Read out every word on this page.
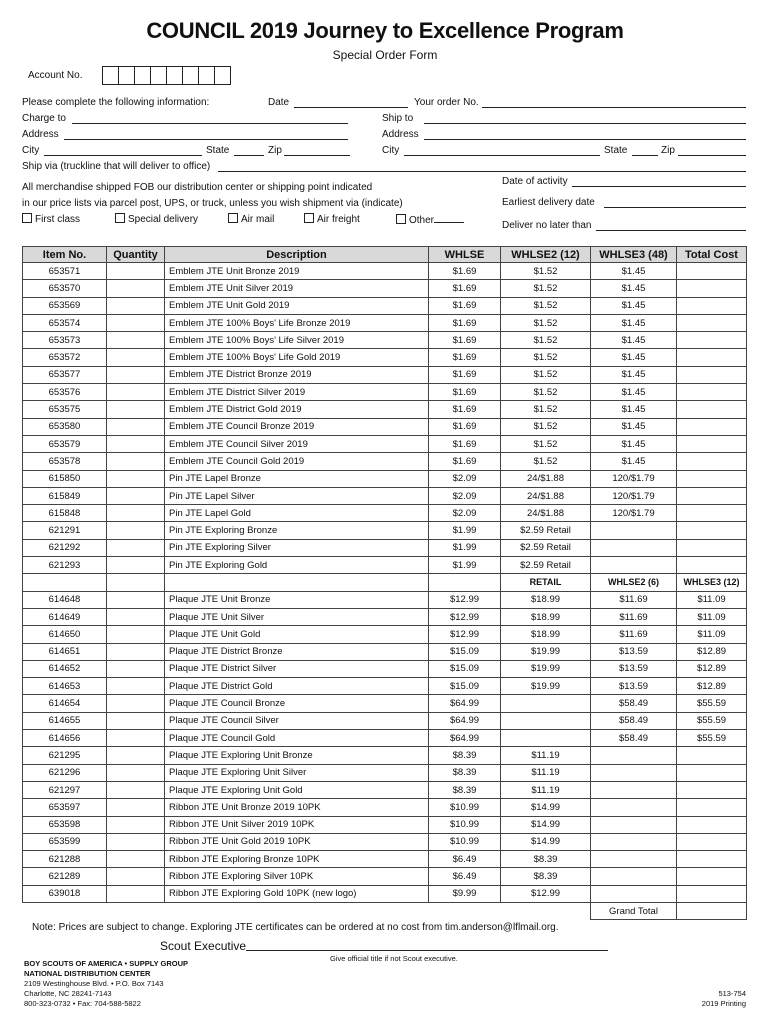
COUNCIL 2019 Journey to Excellence Program
Special Order Form
Account No.
Please complete the following information:	Date	Your order No.
Charge to	Ship to
Address	Address
City	State	Zip	City	State	Zip
Ship via (truckline that will deliver to office)
Date of activity
All merchandise shipped FOB our distribution center or shipping point indicated
in our price lists via parcel post, UPS, or truck, unless you wish shipment via (indicate)	Earliest delivery date
First class	Special delivery	Air mail	Air freight	Other	Deliver no later than
Item No.	Quantity	Description	WHLSE	WHLSE2 (12)	WHLSE3 (48)	Total Cost
653571		Emblem JTE Unit Bronze 2019	$1.69	$1.52	$1.45	
653570		Emblem JTE Unit Silver 2019	$1.69	$1.52	$1.45	
653569		Emblem JTE Unit Gold 2019	$1.69	$1.52	$1.45	
653574		Emblem JTE 100% Boys' Life Bronze 2019	$1.69	$1.52	$1.45	
653573		Emblem JTE 100% Boys' Life Silver 2019	$1.69	$1.52	$1.45	
653572		Emblem JTE 100% Boys' Life Gold 2019	$1.69	$1.52	$1.45	
653577		Emblem JTE District Bronze 2019	$1.69	$1.52	$1.45	
653576		Emblem JTE District Silver 2019	$1.69	$1.52	$1.45	
653575		Emblem JTE District Gold 2019	$1.69	$1.52	$1.45	
653580		Emblem JTE Council Bronze 2019	$1.69	$1.52	$1.45	
653579		Emblem JTE Council Silver 2019	$1.69	$1.52	$1.45	
653578		Emblem JTE Council Gold 2019	$1.69	$1.52	$1.45	
615850		Pin JTE Lapel Bronze	$2.09	24/$1.88	120/$1.79	
615849		Pin JTE Lapel Silver	$2.09	24/$1.88	120/$1.79	
615848		Pin JTE Lapel Gold	$2.09	24/$1.88	120/$1.79	
621291		Pin JTE Exploring Bronze	$1.99	$2.59 Retail		
621292		Pin JTE Exploring Silver	$1.99	$2.59 Retail		
621293		Pin JTE Exploring Gold	$1.99	$2.59 Retail		
				RETAIL	WHLSE2 (6)	WHLSE3 (12)
614648		Plaque JTE Unit Bronze	$12.99	$18.99	$11.69	$11.09
614649		Plaque JTE Unit Silver	$12.99	$18.99	$11.69	$11.09
614650		Plaque JTE Unit Gold	$12.99	$18.99	$11.69	$11.09
614651		Plaque JTE District Bronze	$15.09	$19.99	$13.59	$12.89
614652		Plaque JTE District Silver	$15.09	$19.99	$13.59	$12.89
614653		Plaque JTE District Gold	$15.09	$19.99	$13.59	$12.89
614654		Plaque JTE Council Bronze	$64.99		$58.49	$55.59
614655		Plaque JTE Council Silver	$64.99		$58.49	$55.59
614656		Plaque JTE Council Gold	$64.99		$58.49	$55.59
621295		Plaque JTE Exploring Unit Bronze	$8.39	$11.19		
621296		Plaque JTE Exploring Unit Silver	$8.39	$11.19		
621297		Plaque JTE Exploring Unit Gold	$8.39	$11.19		
653597		Ribbon JTE Unit Bronze 2019 10PK	$10.99	$14.99		
653598		Ribbon JTE Unit Silver 2019 10PK	$10.99	$14.99		
653599		Ribbon JTE Unit Gold 2019 10PK	$10.99	$14.99		
621288		Ribbon JTE Exploring Bronze 10PK	$6.49	$8.39		
621289		Ribbon JTE Exploring Silver 10PK	$6.49	$8.39		
639018		Ribbon JTE Exploring Gold 10PK (new logo)	$9.99	$12.99		
					Grand Total	
Note: Prices are subject to change. Exploring JTE certificates can be ordered at no cost from tim.anderson@lflmail.org.
Scout Executive
Give official title if not Scout executive.
BOY SCOUTS OF AMERICA • SUPPLY GROUP
NATIONAL DISTRIBUTION CENTER
2109 Westinghouse Blvd. • P.O. Box 7143
Charlotte, NC 28241-7143
800-323-0732 • Fax: 704-588-5822
513-754
2019 Printing
